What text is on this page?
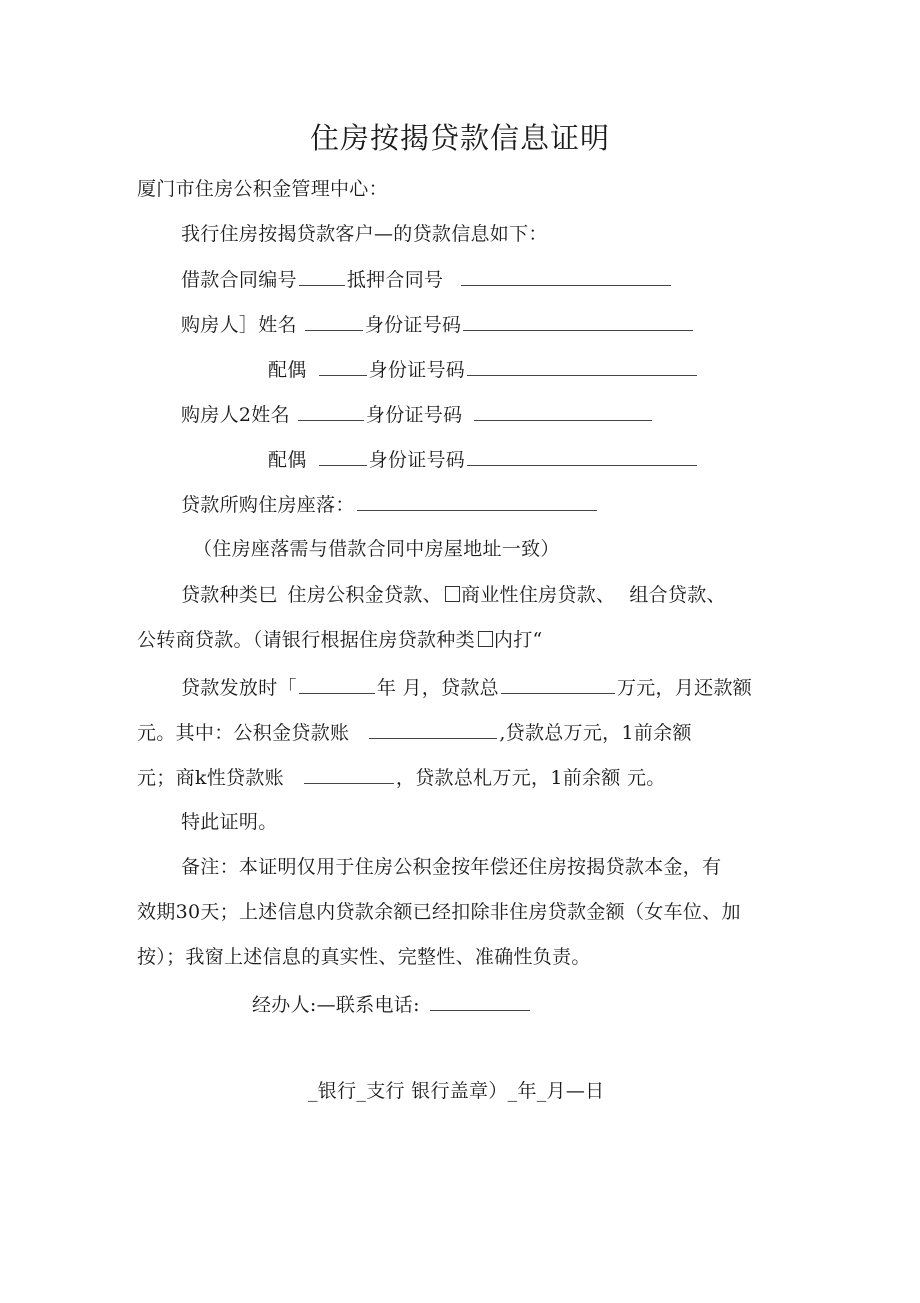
住房按揭贷款信息证明
厦门市住房公积金管理中心：
我行住房按揭贷款客户—的贷款信息如下：
借款合同编号	抵押合同号
购房人］姓名	身份证号码
配偶	身份证号码
购房人2姓名	身份证号码
配偶	身份证号码
贷款所购住房座落：
（住房座落需与借款合同中房屋地址一致）
贷款种类巳 住房公积金贷款、 商业性住房贷款、 组合贷款、
公转商贷款。（请银行根据住房贷款种类 内打“
贷款发放时「	年 月，贷款总	万元，月还款额
元。其中：公积金贷款账	,贷款总万元，1前余额
元；商k性贷款账	，贷款总札万元，1前余额 元。
特此证明。
备注：本证明仅用于住房公积金按年偿还住房按揭贷款本金，有
效期30天；上述信息内贷款余额已经扣除非住房贷款金额（女车位、加
按）；我窗上述信息的真实性、完整性、准确性负责。
经办人:—联系电话:
_银行_支行 银行盖章）_年_月—日
